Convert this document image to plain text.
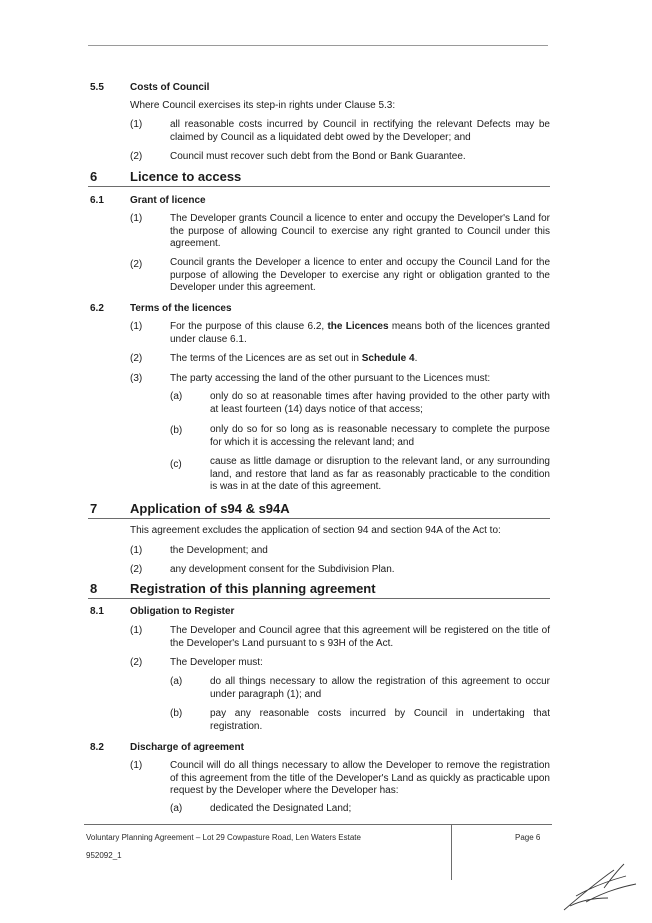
5.5	Costs of Council
Where Council exercises its step-in rights under Clause 5.3:
(1)	all reasonable costs incurred by Council in rectifying the relevant Defects may be claimed by Council as a liquidated debt owed by the Developer; and
(2)	Council must recover such debt from the Bond or Bank Guarantee.
6	Licence to access
6.1	Grant of licence
(1)	The Developer grants Council a licence to enter and occupy the Developer's Land for the purpose of allowing Council to exercise any right granted to Council under this agreement.
(2)	Council grants the Developer a licence to enter and occupy the Council Land for the purpose of allowing the Developer to exercise any right or obligation granted to the Developer under this agreement.
6.2	Terms of the licences
(1)	For the purpose of this clause 6.2, the Licences means both of the licences granted under clause 6.1.
(2)	The terms of the Licences are as set out in Schedule 4.
(3)	The party accessing the land of the other pursuant to the Licences must:
(a)	only do so at reasonable times after having provided to the other party with at least fourteen (14) days notice of that access;
(b)	only do so for so long as is reasonable necessary to complete the purpose for which it is accessing the relevant land; and
(c)	cause as little damage or disruption to the relevant land, or any surrounding land, and restore that land as far as reasonably practicable to the condition is was in at the date of this agreement.
7	Application of s94 & s94A
This agreement excludes the application of section 94 and section 94A of the Act to:
(1)	the Development; and
(2)	any development consent for the Subdivision Plan.
8	Registration of this planning agreement
8.1	Obligation to Register
(1)	The Developer and Council agree that this agreement will be registered on the title of the Developer's Land pursuant to s 93H of the Act.
(2)	The Developer must:
(a)	do all things necessary to allow the registration of this agreement to occur under paragraph (1); and
(b)	pay any reasonable costs incurred by Council in undertaking that registration.
8.2	Discharge of agreement
(1)	Council will do all things necessary to allow the Developer to remove the registration of this agreement from the title of the Developer's Land as quickly as practicable upon request by the Developer where the Developer has:
(a)	dedicated the Designated Land;
Voluntary Planning Agreement – Lot 29 Cowpasture Road, Len Waters Estate
952092_1
Page 6
